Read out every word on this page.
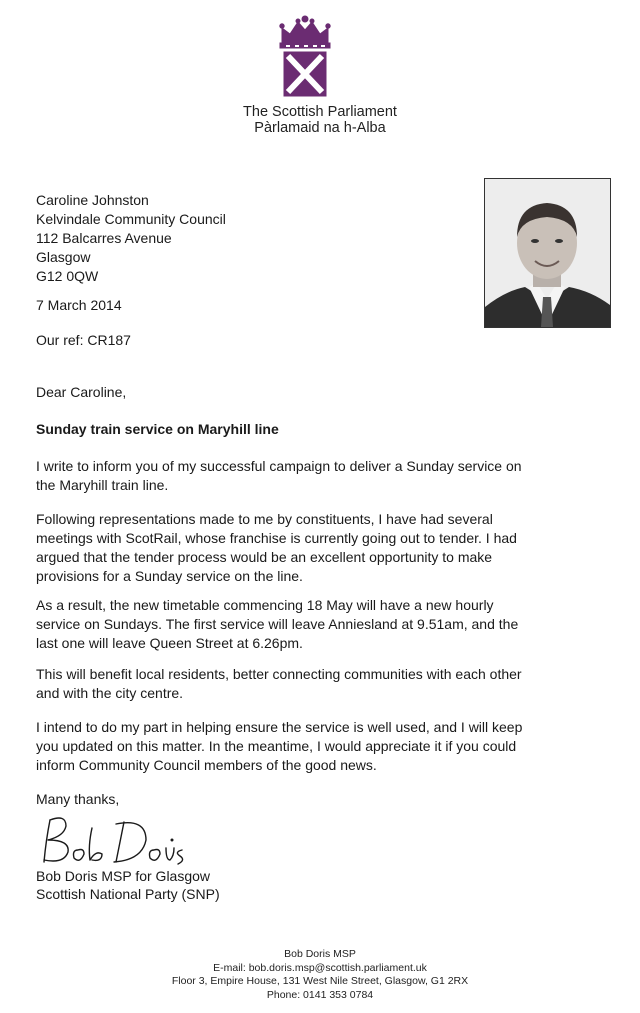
The Scottish Parliament
Pàrlamaid na h-Alba
Caroline Johnston
Kelvindale Community Council
112 Balcarres Avenue
Glasgow
G12 0QW
7 March 2014
Our ref: CR187
Dear Caroline,
Sunday train service on Maryhill line

I write to inform you of my successful campaign to deliver a Sunday service on
the Maryhill train line.

Following representations made to me by constituents, I have had several
meetings with ScotRail, whose franchise is currently going out to tender. I had
argued that the tender process would be an excellent opportunity to make
provisions for a Sunday service on the line.

As a result, the new timetable commencing 18 May will have a new hourly
service on Sundays. The first service will leave Anniesland at 9.51am, and the
last one will leave Queen Street at 6.26pm.

This will benefit local residents, better connecting communities with each other
and with the city centre.

I intend to do my part in helping ensure the service is well used, and I will keep
you updated on this matter. In the meantime, I would appreciate it if you could
inform Community Council members of the good news.

Many thanks,
Bob Doris MSP for Glasgow
Scottish National Party (SNP)
Bob Doris MSP
E-mail: bob.doris.msp@scottish.parliament.uk
Floor 3, Empire House, 131 West Nile Street, Glasgow, G1 2RX
Phone: 0141 353 0784
